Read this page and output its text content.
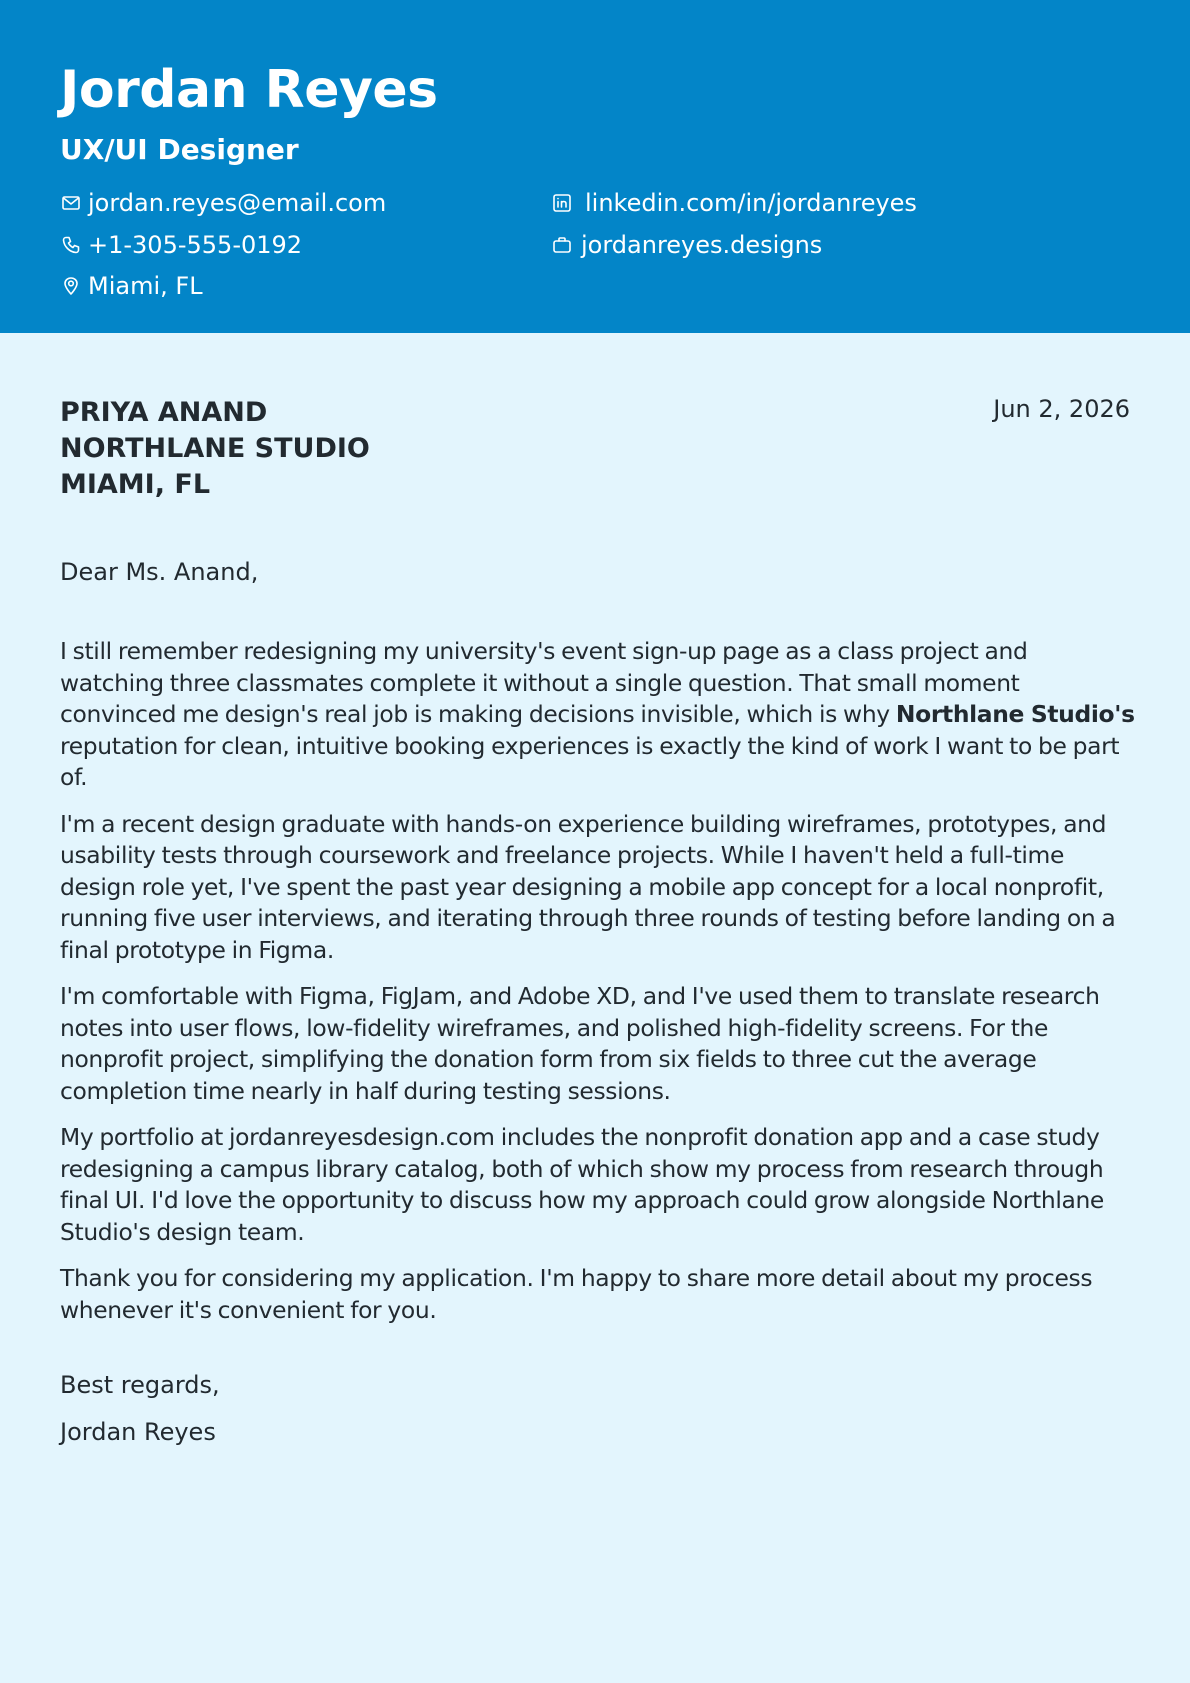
Jordan Reyes
UX/UI Designer
jordan.reyes@email.com
+1-305-555-0192
Miami, FL
linkedin.com/in/jordanreyes
jordanreyes.designs
PRIYA ANAND
NORTHLANE STUDIO
MIAMI, FL
Jun 2, 2026
Dear Ms. Anand,

I still remember redesigning my university's event sign-up page as a class project and watching three classmates complete it without a single question. That small moment convinced me design's real job is making decisions invisible, which is why Northlane Studio's reputation for clean, intuitive booking experiences is exactly the kind of work I want to be part of.

I'm a recent design graduate with hands-on experience building wireframes, prototypes, and usability tests through coursework and freelance projects. While I haven't held a full-time design role yet, I've spent the past year designing a mobile app concept for a local nonprofit, running five user interviews, and iterating through three rounds of testing before landing on a final prototype in Figma.

I'm comfortable with Figma, FigJam, and Adobe XD, and I've used them to translate research notes into user flows, low-fidelity wireframes, and polished high-fidelity screens. For the nonprofit project, simplifying the donation form from six fields to three cut the average completion time nearly in half during testing sessions.

My portfolio at jordanreyesdesign.com includes the nonprofit donation app and a case study redesigning a campus library catalog, both of which show my process from research through final UI. I'd love the opportunity to discuss how my approach could grow alongside Northlane Studio's design team.

Thank you for considering my application. I'm happy to share more detail about my process whenever it's convenient for you.

Best regards,
Jordan Reyes
